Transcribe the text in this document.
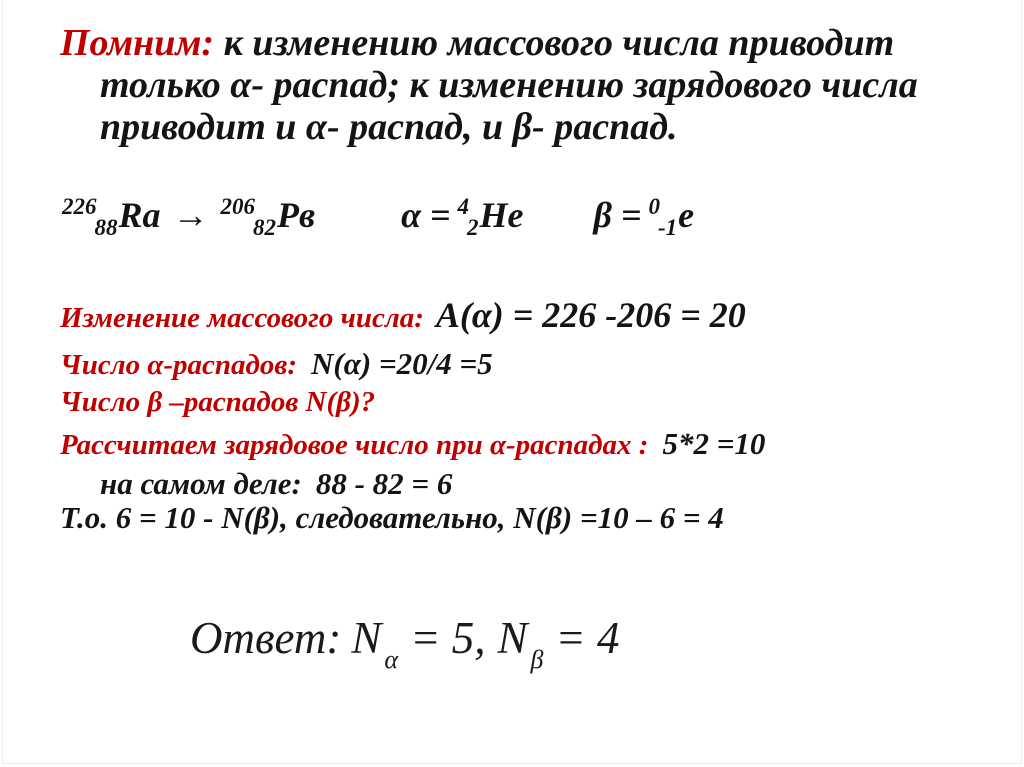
Помним: к изменению массового числа приводит
только α- распад; к изменению зарядового числа
приводит и α- распад, и β- распад.
$^{226}_{88}$Ra → $^{206}_{82}$Рв α = $^4_2$He β = $^0_{-1}$e
Изменение массового числа: A(α) = 226 -206 = 20
Число α-распадов: N(α) =20/4 =5
Число β –распадов N(β)?
Рассчитаем зарядовое число при α-распадах : 5*2 =10
на самом деле: 88 - 82 = 6
Т.о. 6 = 10 - N(β), следовательно, N(β) =10 – 6 = 4
Ответ: N $_\alpha$ = 5, N $_\beta$ = 4
